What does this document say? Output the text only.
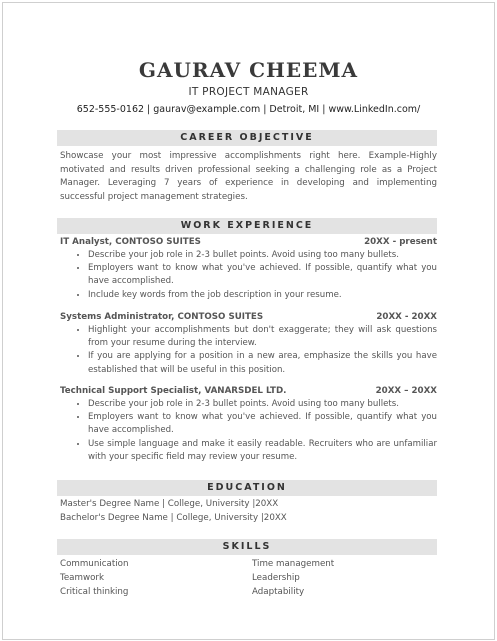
GAURAV CHEEMA
IT PROJECT MANAGER
652-555-0162 | gaurav@example.com | Detroit, MI | www.LinkedIn.com/
CAREER OBJECTIVE
Showcase your most impressive accomplishments right here. Example-Highly motivated and results driven professional seeking a challenging role as a Project Manager. Leveraging 7 years of experience in developing and implementing successful project management strategies.
WORK EXPERIENCE
IT Analyst, CONTOSO SUITES	20XX - present
• Describe your job role in 2-3 bullet points. Avoid using too many bullets.
• Employers want to know what you've achieved. If possible, quantify what you have accomplished.
• Include key words from the job description in your resume.
Systems Administrator, CONTOSO SUITES	20XX - 20XX
• Highlight your accomplishments but don't exaggerate; they will ask questions from your resume during the interview.
• If you are applying for a position in a new area, emphasize the skills you have established that will be useful in this position.
Technical Support Specialist, VANARSDEL LTD.	20XX – 20XX
• Describe your job role in 2-3 bullet points. Avoid using too many bullets.
• Employers want to know what you've achieved. If possible, quantify what you have accomplished.
• Use simple language and make it easily readable. Recruiters who are unfamiliar with your specific field may review your resume.
EDUCATION
Master's Degree Name | College, University |20XX
Bachelor's Degree Name | College, University |20XX
SKILLS
Communication	Time management
Teamwork	Leadership
Critical thinking	Adaptability
